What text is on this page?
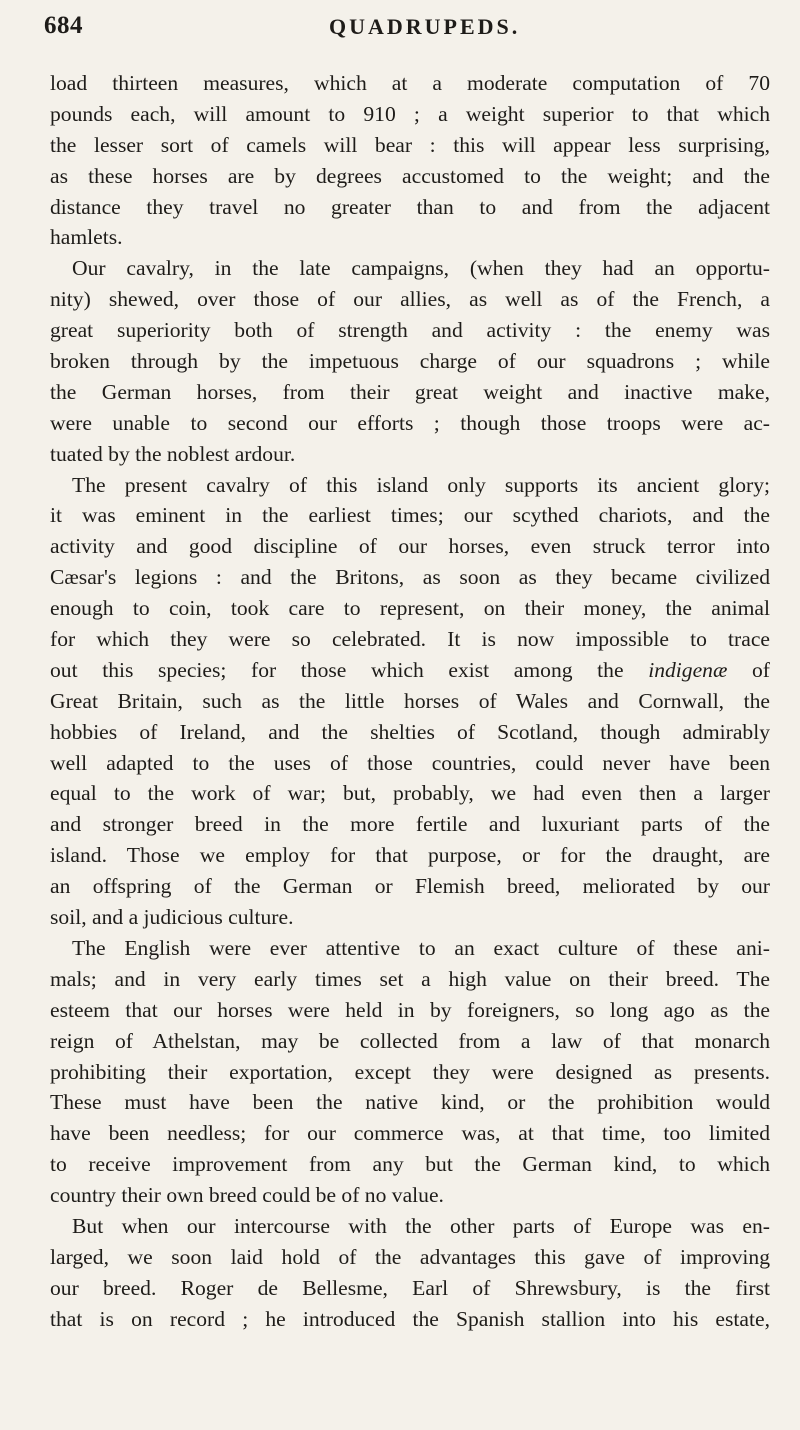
684	QUADRUPEDS.
load thirteen measures, which at a moderate computation of 70
pounds each, will amount to 910 ; a weight superior to that which
the lesser sort of camels will bear : this will appear less surprising,
as these horses are by degrees accustomed to the weight; and the
distance they travel no greater than to and from the adjacent
hamlets.
Our cavalry, in the late campaigns, (when they had an opportu-
nity) shewed, over those of our allies, as well as of the French, a
great superiority both of strength and activity : the enemy was
broken through by the impetuous charge of our squadrons ; while
the German horses, from their great weight and inactive make,
were unable to second our efforts ; though those troops were ac-
tuated by the noblest ardour.
The present cavalry of this island only supports its ancient glory;
it was eminent in the earliest times; our scythed chariots, and the
activity and good discipline of our horses, even struck terror into
Cæsar's legions : and the Britons, as soon as they became civilized
enough to coin, took care to represent, on their money, the animal
for which they were so celebrated. It is now impossible to trace
out this species; for those which exist among the indigenæ of
Great Britain, such as the little horses of Wales and Cornwall, the
hobbies of Ireland, and the shelties of Scotland, though admirably
well adapted to the uses of those countries, could never have been
equal to the work of war; but, probably, we had even then a larger
and stronger breed in the more fertile and luxuriant parts of the
island. Those we employ for that purpose, or for the draught, are
an offspring of the German or Flemish breed, meliorated by our
soil, and a judicious culture.
The English were ever attentive to an exact culture of these ani-
mals; and in very early times set a high value on their breed. The
esteem that our horses were held in by foreigners, so long ago as the
reign of Athelstan, may be collected from a law of that monarch
prohibiting their exportation, except they were designed as presents.
These must have been the native kind, or the prohibition would
have been needless; for our commerce was, at that time, too limited
to receive improvement from any but the German kind, to which
country their own breed could be of no value.
But when our intercourse with the other parts of Europe was en-
larged, we soon laid hold of the advantages this gave of improving
our breed. Roger de Bellesme, Earl of Shrewsbury, is the first
that is on record ; he introduced the Spanish stallion into his estate,
